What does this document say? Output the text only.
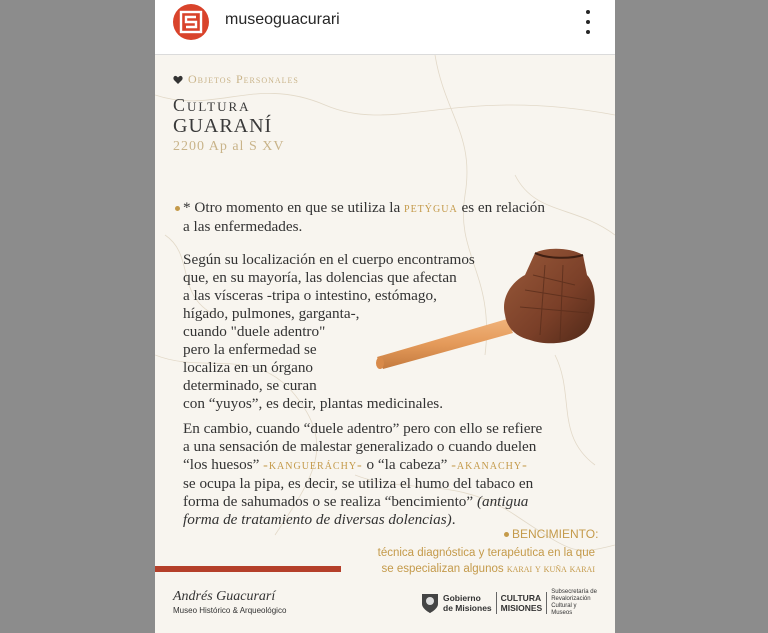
museoguacurari
Objetos Personales
Cultura
GUARANÍ
2200 Ap al S XV
* Otro momento en que se utiliza la petýgua es en relación
a las enfermedades.
Según su localización en el cuerpo encontramos
que, en su mayoría, las dolencias que afectan
a las vísceras -tripa o intestino, estómago,
hígado, pulmones, garganta-,
cuando "duele adentro"
pero la enfermedad se
localiza en un órgano
determinado, se curan
con “yuyos”, es decir, plantas medicinales.
En cambio, cuando “duele adentro” pero con ello se refiere
a una sensación de malestar generalizado o cuando duelen
“los huesos” -kangueráchy- o “la cabeza” -akanachy-
se ocupa la pipa, es decir, se utiliza el humo del tabaco en
forma de sahumados o se realiza “bencimiento” (antigua
forma de tratamiento de diversas dolencias).
BENCIMIENTO:
técnica diagnóstica y terapéutica en la que
se especializan algunos karai y kuña karai
Andrés Guacurarí
Museo Histórico & Arqueológico
Gobierno
de Misiones
CULTURA
MISIONES
Subsecretaría de Revalorización Cultural y Museos
